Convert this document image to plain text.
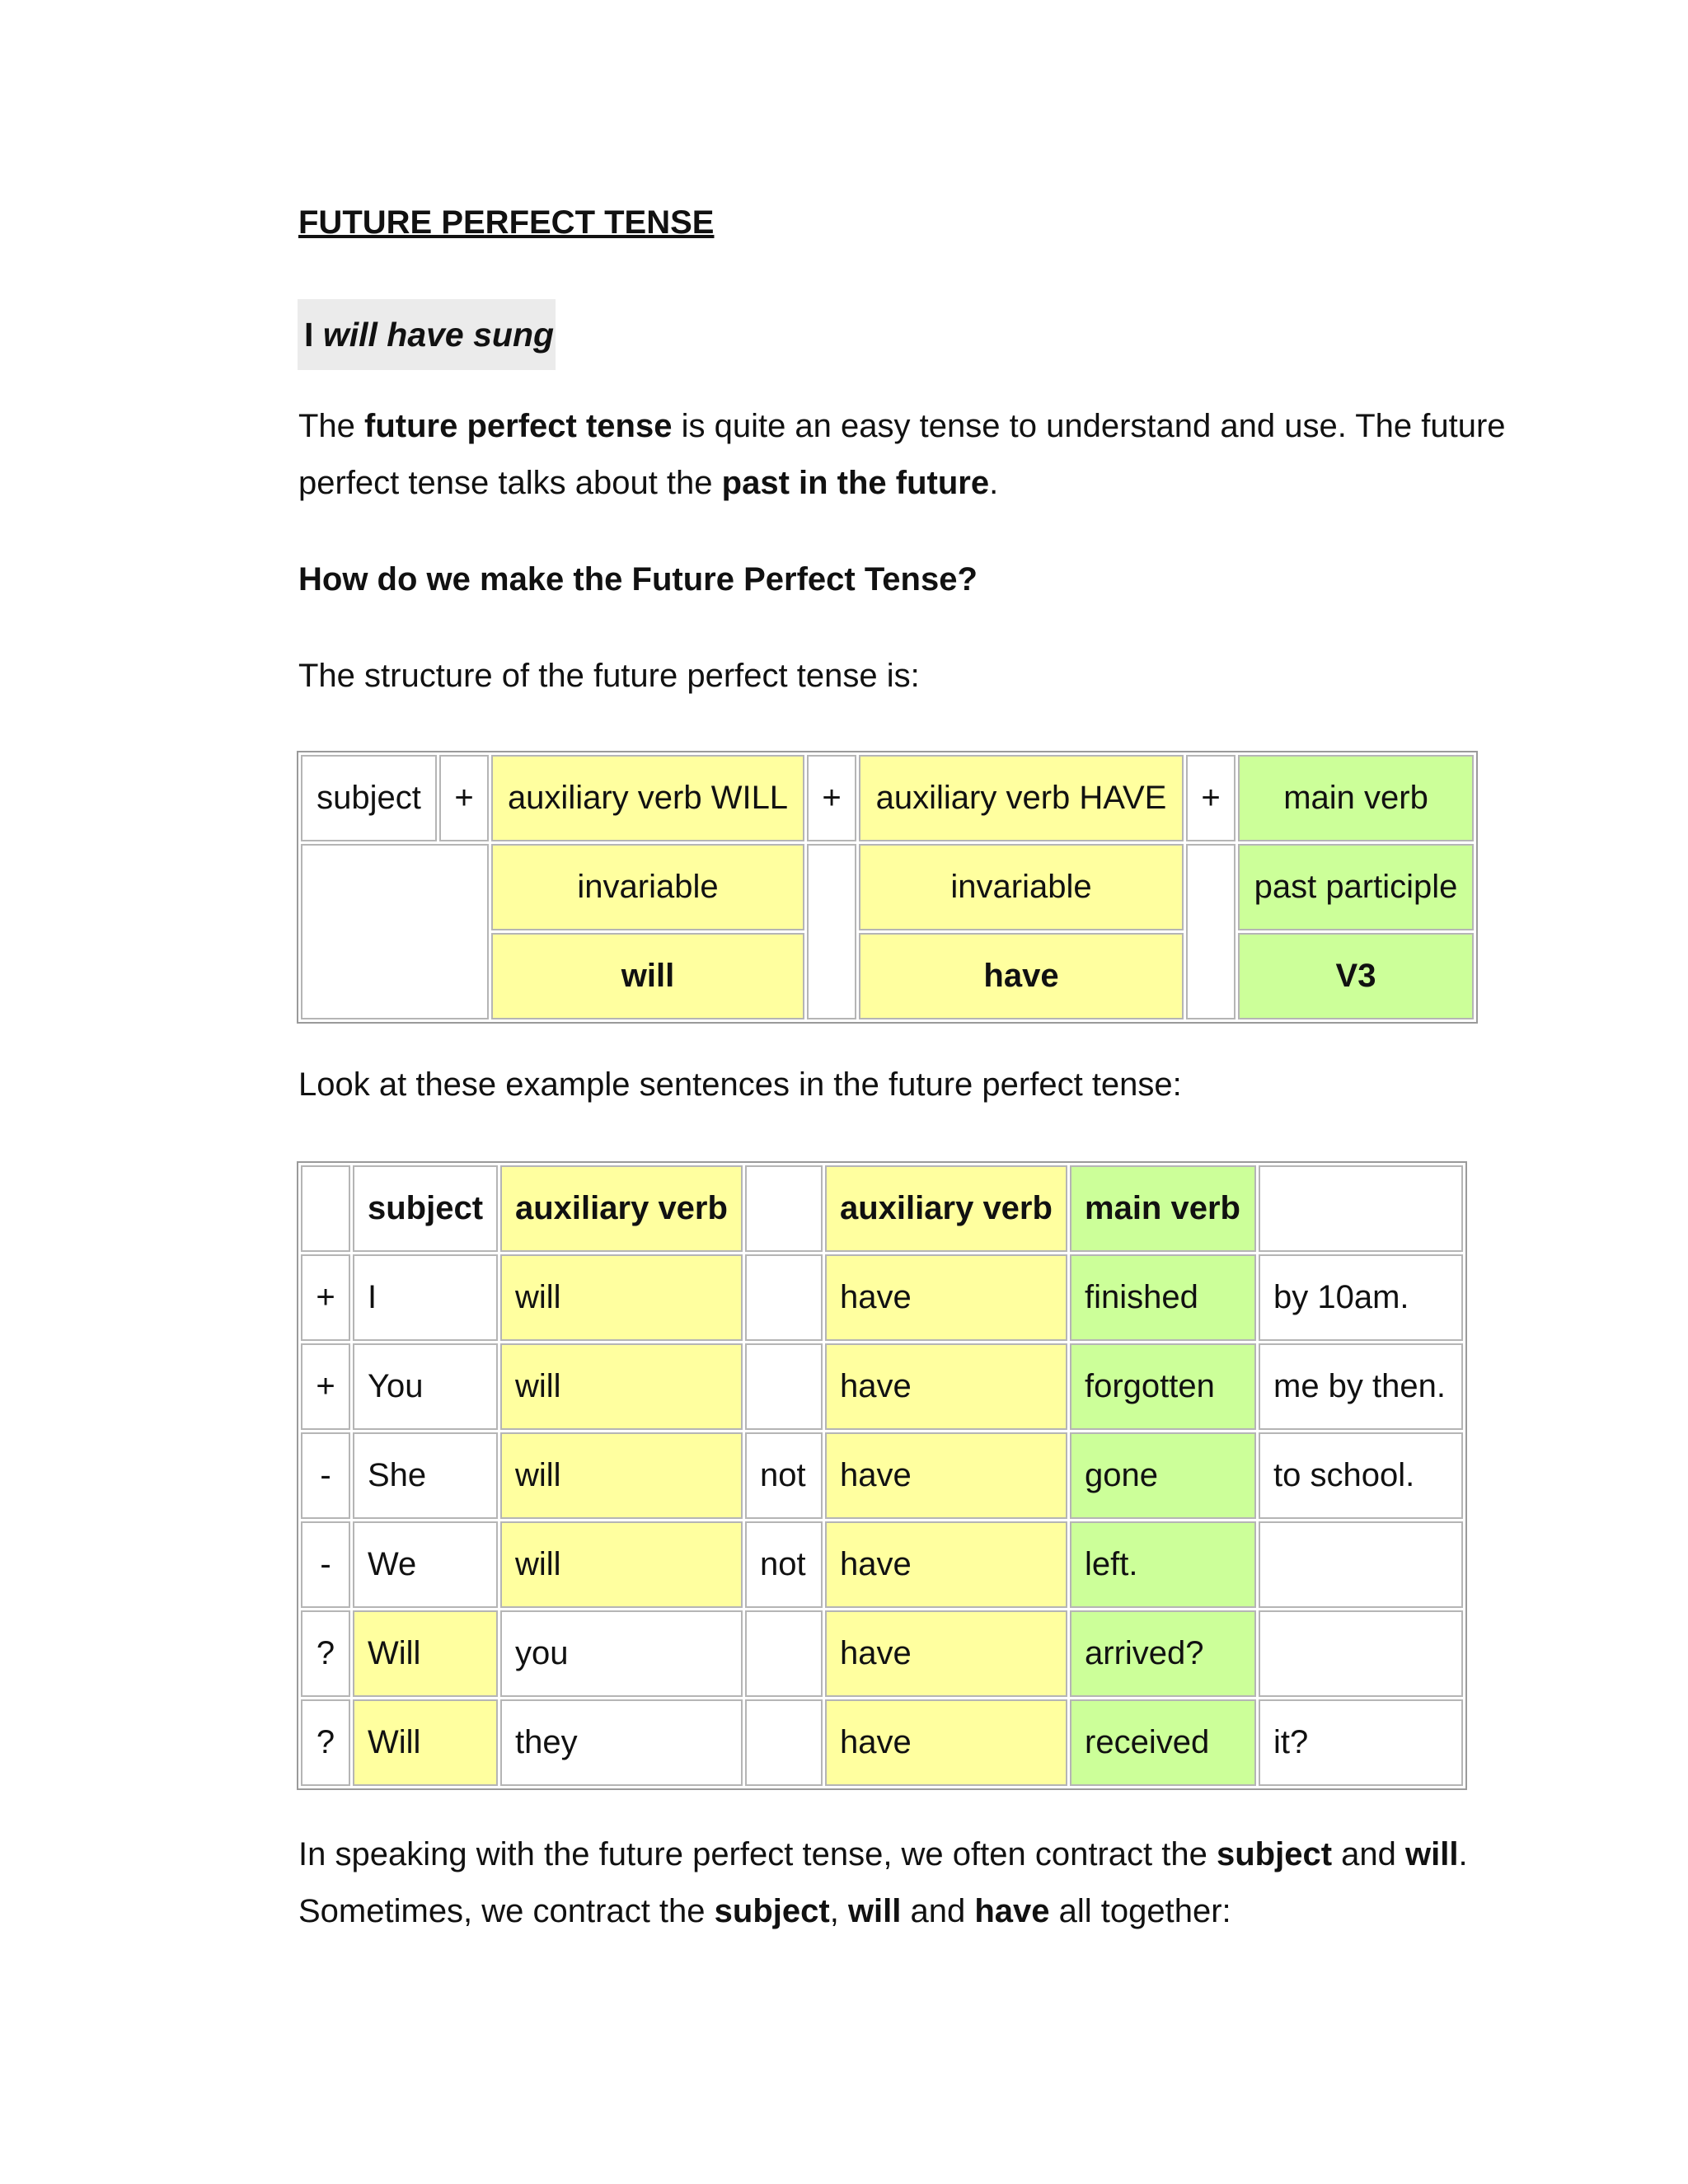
FUTURE PERFECT TENSE
I will have sung

The future perfect tense is quite an easy tense to understand and use. The future perfect tense talks about the past in the future.

How do we make the Future Perfect Tense?

The structure of the future perfect tense is:

subject	+	auxiliary verb WILL	+	auxiliary verb HAVE	+	main verb
		invariable		invariable		past participle
		will		have		V3

Look at these example sentences in the future perfect tense:

	subject	auxiliary verb		auxiliary verb	main verb	
+	I	will		have	finished	by 10am.
+	You	will		have	forgotten	me by then.
-	She	will	not	have	gone	to school.
-	We	will	not	have	left.	
?	Will	you		have	arrived?	
?	Will	they		have	received	it?

In speaking with the future perfect tense, we often contract the subject and will. Sometimes, we contract the subject, will and have all together:
